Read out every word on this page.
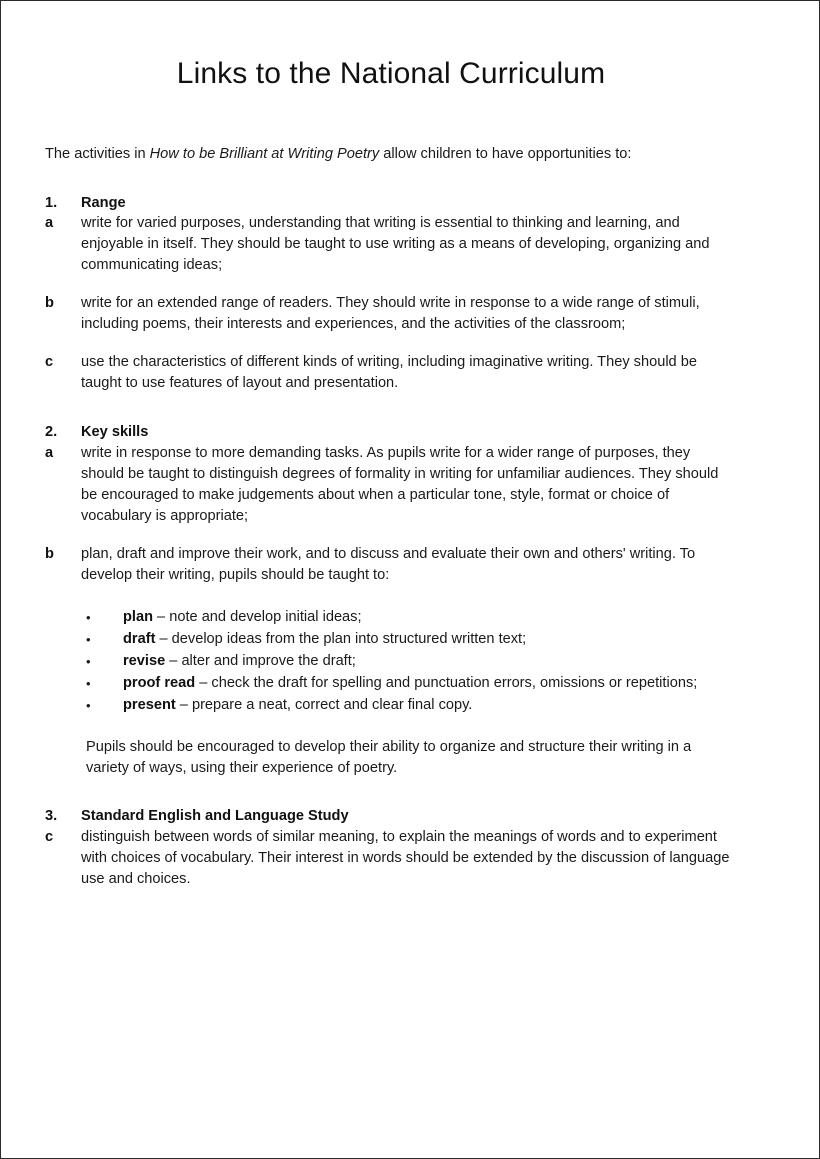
Links to the National Curriculum

The activities in How to be Brilliant at Writing Poetry allow children to have opportunities to:

1.	Range
a	write for varied purposes, understanding that writing is essential to thinking and learning, and enjoyable in itself. They should be taught to use writing as a means of developing, organizing and communicating ideas;
b	write for an extended range of readers. They should write in response to a wide range of stimuli, including poems, their interests and experiences, and the activities of the classroom;
c	use the characteristics of different kinds of writing, including imaginative writing. They should be taught to use features of layout and presentation.
2.	Key skills
a	write in response to more demanding tasks. As pupils write for a wider range of purposes, they should be taught to distinguish degrees of formality in writing for unfamiliar audiences. They should be encouraged to make judgements about when a particular tone, style, format or choice of vocabulary is appropriate;
b	plan, draft and improve their work, and to discuss and evaluate their own and others' writing. To develop their writing, pupils should be taught to:
•	plan – note and develop initial ideas;
•	draft – develop ideas from the plan into structured written text;
•	revise – alter and improve the draft;
•	proof read – check the draft for spelling and punctuation errors, omissions or repetitions;
•	present – prepare a neat, correct and clear final copy.

Pupils should be encouraged to develop their ability to organize and structure their writing in a variety of ways, using their experience of poetry.

3.	Standard English and Language Study
c	distinguish between words of similar meaning, to explain the meanings of words and to experiment with choices of vocabulary. Their interest in words should be extended by the discussion of language use and choices.
